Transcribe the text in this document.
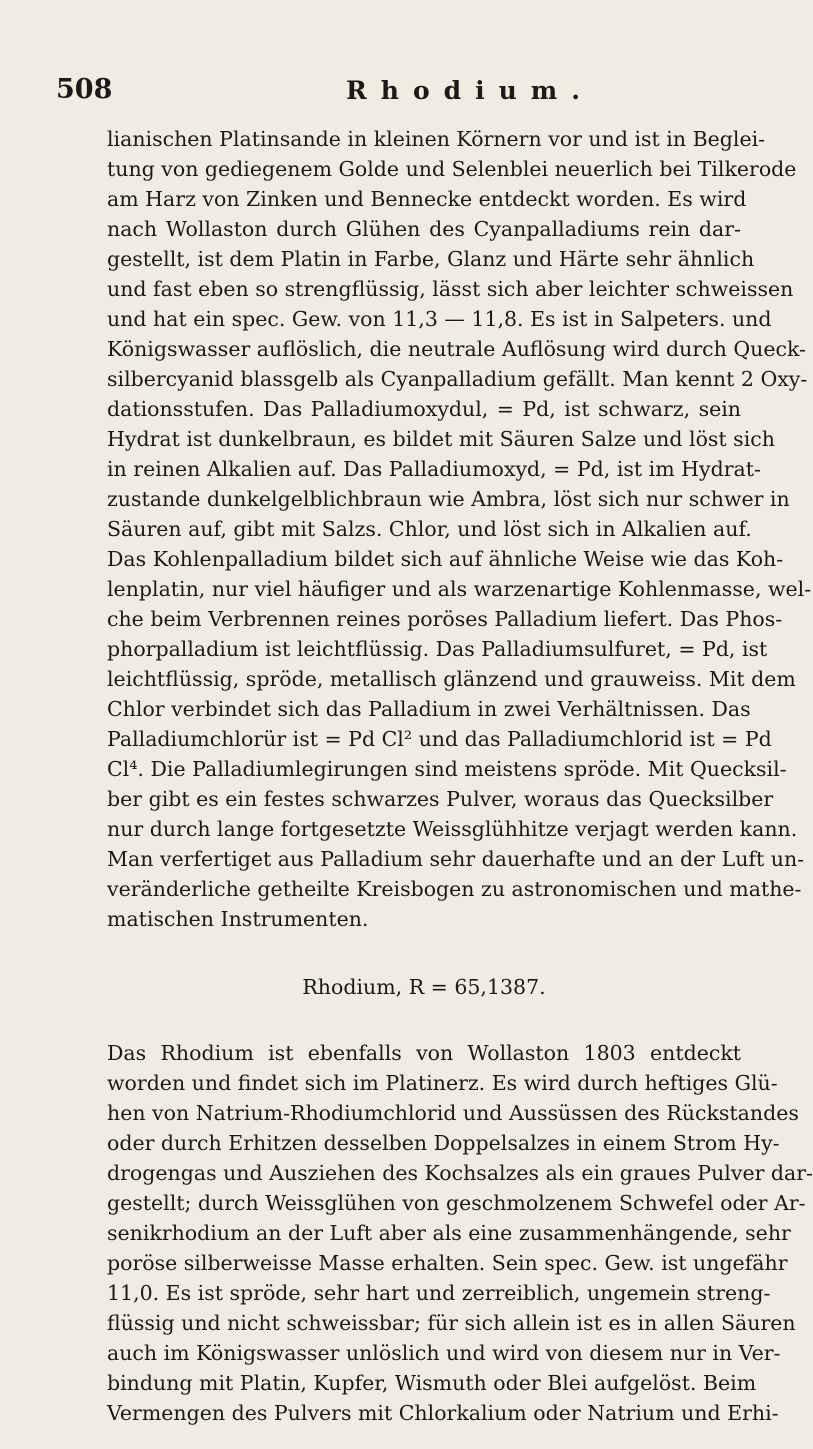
508	Rhodium.
lianischen Platinsande in kleinen Körnern vor und ist in Beglei-
tung von gediegenem Golde und Selenblei neuerlich bei Tilkerode
am Harz von Zinken und Bennecke entdeckt worden. Es wird
nach Wollaston durch Glühen des Cyanpalladiums rein dar-
gestellt, ist dem Platin in Farbe, Glanz und Härte sehr ähnlich
und fast eben so strengflüssig, lässt sich aber leichter schweissen
und hat ein spec. Gew. von 11,3 — 11,8. Es ist in Salpeters. und
Königswasser auflöslich, die neutrale Auflösung wird durch Queck-
silbercyanid blassgelb als Cyanpalladium gefällt. Man kennt 2 Oxy-
dationsstufen. Das Palladiumoxydul, = Pd, ist schwarz, sein
Hydrat ist dunkelbraun, es bildet mit Säuren Salze und löst sich
in reinen Alkalien auf. Das Palladiumoxyd, = Pd, ist im Hydrat-
zustande dunkelgelblichbraun wie Ambra, löst sich nur schwer in
Säuren auf, gibt mit Salzs. Chlor, und löst sich in Alkalien auf.
Das Kohlenpalladium bildet sich auf ähnliche Weise wie das Koh-
lenplatin, nur viel häufiger und als warzenartige Kohlenmasse, wel-
che beim Verbrennen reines poröses Palladium liefert. Das Phos-
phorpalladium ist leichtflüssig. Das Palladiumsulfuret, = Pd, ist
leichtflüssig, spröde, metallisch glänzend und grauweiss. Mit dem
Chlor verbindet sich das Palladium in zwei Verhältnissen. Das
Palladiumchlorür ist = Pd Cl² und das Palladiumchlorid ist = Pd
Cl⁴. Die Palladiumlegirungen sind meistens spröde. Mit Quecksil-
ber gibt es ein festes schwarzes Pulver, woraus das Quecksilber
nur durch lange fortgesetzte Weissglühhitze verjagt werden kann.
Man verfertiget aus Palladium sehr dauerhafte und an der Luft un-
veränderliche getheilte Kreisbogen zu astronomischen und mathe-
matischen Instrumenten.
Rhodium, R = 65,1387.
Das Rhodium ist ebenfalls von Wollaston 1803 entdeckt
worden und findet sich im Platinerz. Es wird durch heftiges Glü-
hen von Natrium-Rhodiumchlorid und Aussüssen des Rückstandes
oder durch Erhitzen desselben Doppelsalzes in einem Strom Hy-
drogengas und Ausziehen des Kochsalzes als ein graues Pulver dar-
gestellt; durch Weissglühen von geschmolzenem Schwefel oder Ar-
senikrhodium an der Luft aber als eine zusammenhängende, sehr
poröse silberweisse Masse erhalten. Sein spec. Gew. ist ungefähr
11,0. Es ist spröde, sehr hart und zerreiblich, ungemein streng-
flüssig und nicht schweissbar; für sich allein ist es in allen Säuren
auch im Königswasser unlöslich und wird von diesem nur in Ver-
bindung mit Platin, Kupfer, Wismuth oder Blei aufgelöst. Beim
Vermengen des Pulvers mit Chlorkalium oder Natrium und Erhi-
